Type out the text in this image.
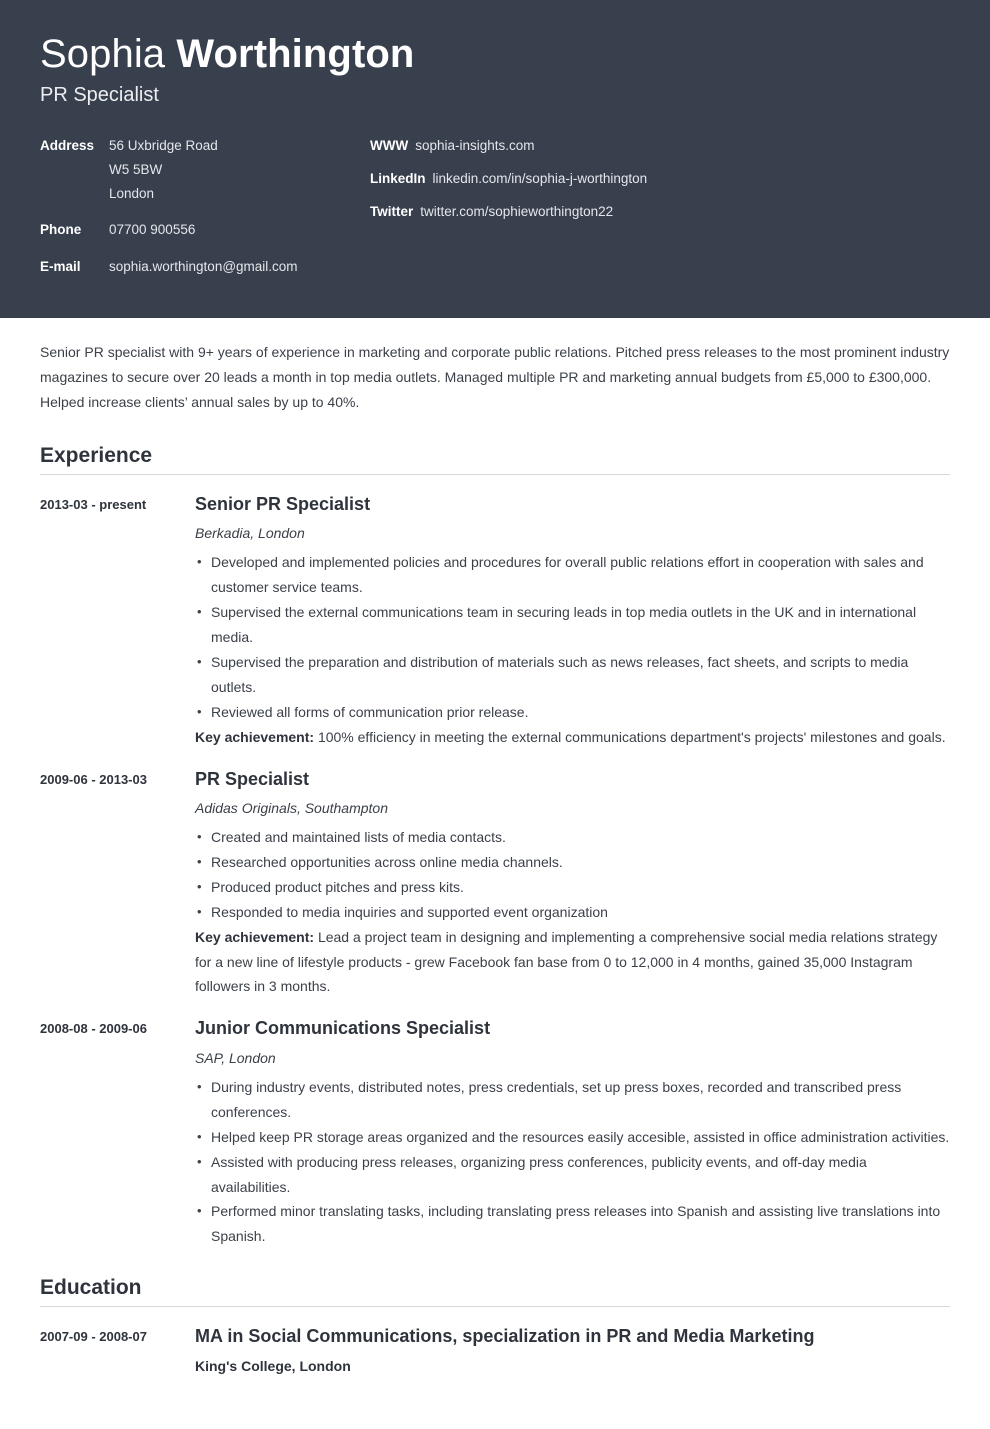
Sophia Worthington
PR Specialist
Address	56 Uxbridge Road
W5 5BW
London
Phone	07700 900556
E-mail	sophia.worthington@gmail.com
WWW sophia-insights.com
LinkedIn linkedin.com/in/sophia-j-worthington
Twitter twitter.com/sophieworthington22

Senior PR specialist with 9+ years of experience in marketing and corporate public relations. Pitched press releases to the most prominent industry magazines to secure over 20 leads a month in top media outlets. Managed multiple PR and marketing annual budgets from £5,000 to £300,000. Helped increase clients’ annual sales by up to 40%.

Experience
2013-03 - present	Senior PR Specialist
Berkadia, London
• Developed and implemented policies and procedures for overall public relations effort in cooperation with sales and customer service teams.
• Supervised the external communications team in securing leads in top media outlets in the UK and in international media.
• Supervised the preparation and distribution of materials such as news releases, fact sheets, and scripts to media outlets.
• Reviewed all forms of communication prior release.
Key achievement: 100% efficiency in meeting the external communications department's projects' milestones and goals.
2009-06 - 2013-03	PR Specialist
Adidas Originals, Southampton
• Created and maintained lists of media contacts.
• Researched opportunities across online media channels.
• Produced product pitches and press kits.
• Responded to media inquiries and supported event organization
Key achievement: Lead a project team in designing and implementing a comprehensive social media relations strategy for a new line of lifestyle products - grew Facebook fan base from 0 to 12,000 in 4 months, gained 35,000 Instagram followers in 3 months.
2008-08 - 2009-06	Junior Communications Specialist
SAP, London
• During industry events, distributed notes, press credentials, set up press boxes, recorded and transcribed press conferences.
• Helped keep PR storage areas organized and the resources easily accesible, assisted in office administration activities.
• Assisted with producing press releases, organizing press conferences, publicity events, and off-day media availabilities.
• Performed minor translating tasks, including translating press releases into Spanish and assisting live translations into Spanish.
Education
2007-09 - 2008-07	MA in Social Communications, specialization in PR and Media Marketing
King's College, London
